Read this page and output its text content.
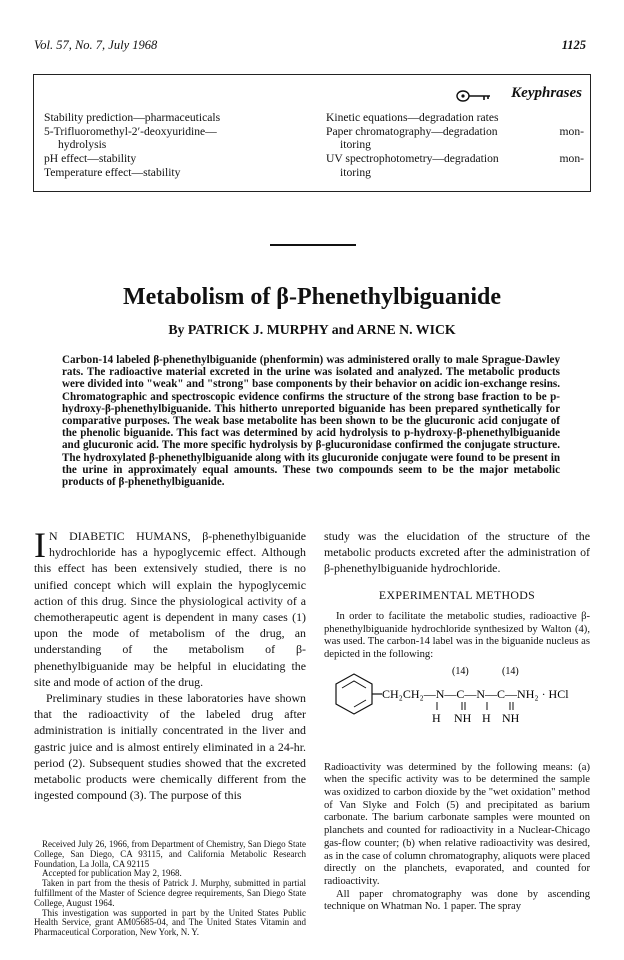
Vol. 57, No. 7, July 1968	1125
Keyphrases
Stability prediction—pharmaceuticals
5-Trifluoromethyl-2′-deoxyuridine—
hydrolysis
pH effect—stability
Temperature effect—stability
Kinetic equations—degradation rates
Paper chromatography—degradation	mon-
itoring
UV spectrophotometry—degradation	mon-
itoring
Metabolism of β-Phenethylbiguanide
By PATRICK J. MURPHY and ARNE N. WICK
Carbon-14 labeled β-phenethylbiguanide (phenformin) was administered orally to male Sprague-Dawley rats. The radioactive material excreted in the urine was isolated and analyzed. The metabolic products were divided into "weak" and "strong" base components by their behavior on acidic ion-exchange resins. Chromatographic and spectroscopic evidence confirms the structure of the strong base fraction to be p-hydroxy-β-phenethylbiguanide. This hitherto unreported biguanide has been prepared synthetically for comparative purposes. The weak base metabolite has been shown to be the glucuronic acid conjugate of the phenolic biguanide. This fact was determined by acid hydrolysis to p-hydroxy-β-phenethylbiguanide and glucuronic acid. The more specific hydrolysis by β-glucuronidase confirmed the conjugate structure. The hydroxylated β-phenethylbiguanide along with its glucuronide conjugate were found to be present in the urine in approximately equal amounts. These two compounds seem to be the major metabolic products of β-phenethylbiguanide.

I N DIABETIC HUMANS, β-phenethylbiguanide hydrochloride has a hypoglycemic effect. Although this effect has been extensively studied, there is no unified concept which will explain the hypoglycemic action of this drug. Since the physiological activity of a chemotherapeutic agent is dependent in many cases (1) upon the mode of metabolism of the drug, an understanding of the metabolism of β-phenethylbiguanide may be helpful in elucidating the site and mode of action of the drug.

Preliminary studies in these laboratories have shown that the radioactivity of the labeled drug after administration is initially concentrated in the liver and gastric juice and is almost entirely eliminated in a 24-hr. period (2). Subsequent studies showed that the excreted metabolic products were chemically different from the ingested compound (3). The purpose of this

Received July 26, 1966, from Department of Chemistry, San Diego State College, San Diego, CA 93115, and California Metabolic Research Foundation, La Jolla, CA 92115

Accepted for publication May 2, 1968.

Taken in part from the thesis of Patrick J. Murphy, submitted in partial fulfillment of the Master of Science degree requirements, San Diego State College, August 1964.

This investigation was supported in part by the United States Public Health Service, grant AM05685-04, and The United States Vitamin and Pharmaceutical Corporation, New York, N. Y.

study was the elucidation of the structure of the metabolic products excreted after the administration of β-phenethylbiguanide hydrochloride.

EXPERIMENTAL METHODS

In order to facilitate the metabolic studies, radioactive β-phenethylbiguanide hydrochloride synthesized by Walton (4), was used. The carbon-14 label was in the biguanide nucleus as depicted in the following:

(14)	(14)
CH₂CH₂—N—C—N—C—NH₂ · HCl
H NH H NH

Radioactivity was determined by the following means: (a) when the specific activity was to be determined the sample was oxidized to carbon dioxide by the "wet oxidation" method of Van Slyke and Folch (5) and precipitated as barium carbonate. The barium carbonate samples were mounted on planchets and counted for radioactivity in a Nuclear-Chicago gas-flow counter; (b) when relative radioactivity was desired, as in the case of column chromatography, aliquots were placed directly on the planchets, evaporated, and counted for radioactivity.

All paper chromatography was done by ascending technique on Whatman No. 1 paper. The spray
